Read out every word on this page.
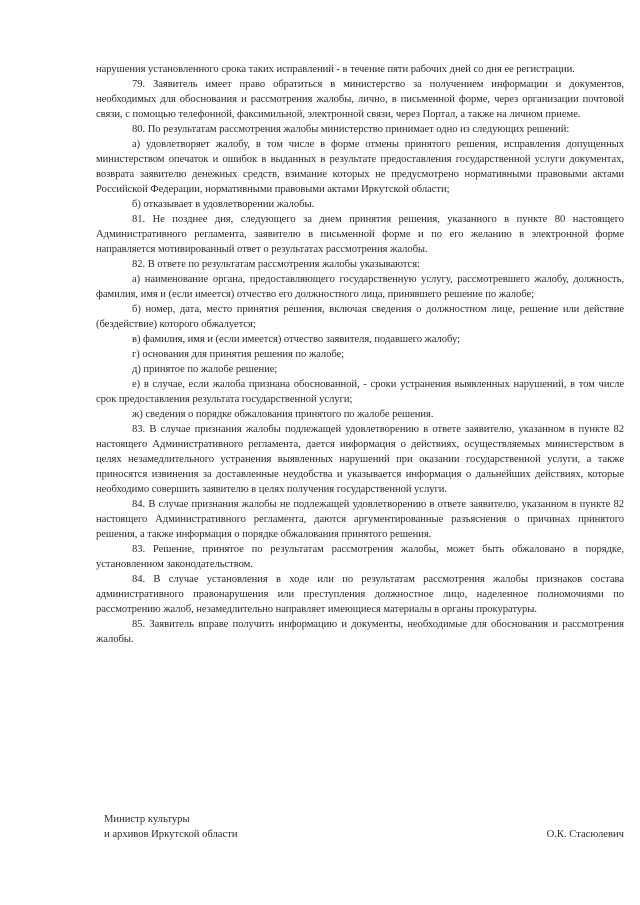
нарушения установленного срока таких исправлений - в течение пяти рабочих дней со дня ее регистрации.

79. Заявитель имеет право обратиться в министерство за получением информации и документов, необходимых для обоснования и рассмотрения жалобы, лично, в письменной форме, через организации почтовой связи, с помощью телефонной, факсимильной, электронной связи, через Портал, а также на личном приеме.

80. По результатам рассмотрения жалобы министерство принимает одно из следующих решений:

а) удовлетворяет жалобу, в том числе в форме отмены принятого решения, исправления допущенных министерством опечаток и ошибок в выданных в результате предоставления государственной услуги документах, возврата заявителю денежных средств, взимание которых не предусмотрено нормативными правовыми актами Российской Федерации, нормативными правовыми актами Иркутской области;

б) отказывает в удовлетворении жалобы.

81. Не позднее дня, следующего за днем принятия решения, указанного в пункте 80 настоящего Административного регламента, заявителю в письменной форме и по его желанию в электронной форме направляется мотивированный ответ о результатах рассмотрения жалобы.

82. В ответе по результатам рассмотрения жалобы указываются:

а) наименование органа, предоставляющего государственную услугу, рассмотревшего жалобу, должность, фамилия, имя и (если имеется) отчество его должностного лица, принявшего решение по жалобе;

б) номер, дата, место принятия решения, включая сведения о должностном лице, решение или действие (бездействие) которого обжалуется;

в) фамилия, имя и (если имеется) отчество заявителя, подавшего жалобу;

г) основания для принятия решения по жалобе;

д) принятое по жалобе решение;

е) в случае, если жалоба признана обоснованной, - сроки устранения выявленных нарушений, в том числе срок предоставления результата государственной услуги;

ж) сведения о порядке обжалования принятого по жалобе решения.

83. В случае признания жалобы подлежащей удовлетворению в ответе заявителю, указанном в пункте 82 настоящего Административного регламента, дается информация о действиях, осуществляемых министерством в целях незамедлительного устранения выявленных нарушений при оказании государственной услуги, а также приносятся извинения за доставленные неудобства и указывается информация о дальнейших действиях, которые необходимо совершить заявителю в целях получения государственной услуги.

84. В случае признания жалобы не подлежащей удовлетворению в ответе заявителю, указанном в пункте 82 настоящего Административного регламента, даются аргументированные разъяснения о причинах принятого решения, а также информация о порядке обжалования принятого решения.

83. Решение, принятое по результатам рассмотрения жалобы, может быть обжаловано в порядке, установленном законодательством.

84. В случае установления в ходе или по результатам рассмотрения жалобы признаков состава административного правонарушения или преступления должностное лицо, наделенное полномочиями по рассмотрению жалоб, незамедлительно направляет имеющиеся материалы в органы прокуратуры.

85. Заявитель вправе получить информацию и документы, необходимые для обоснования и рассмотрения жалобы.

Министр культуры
и архивов Иркутской области	О.К. Стасюлевич
